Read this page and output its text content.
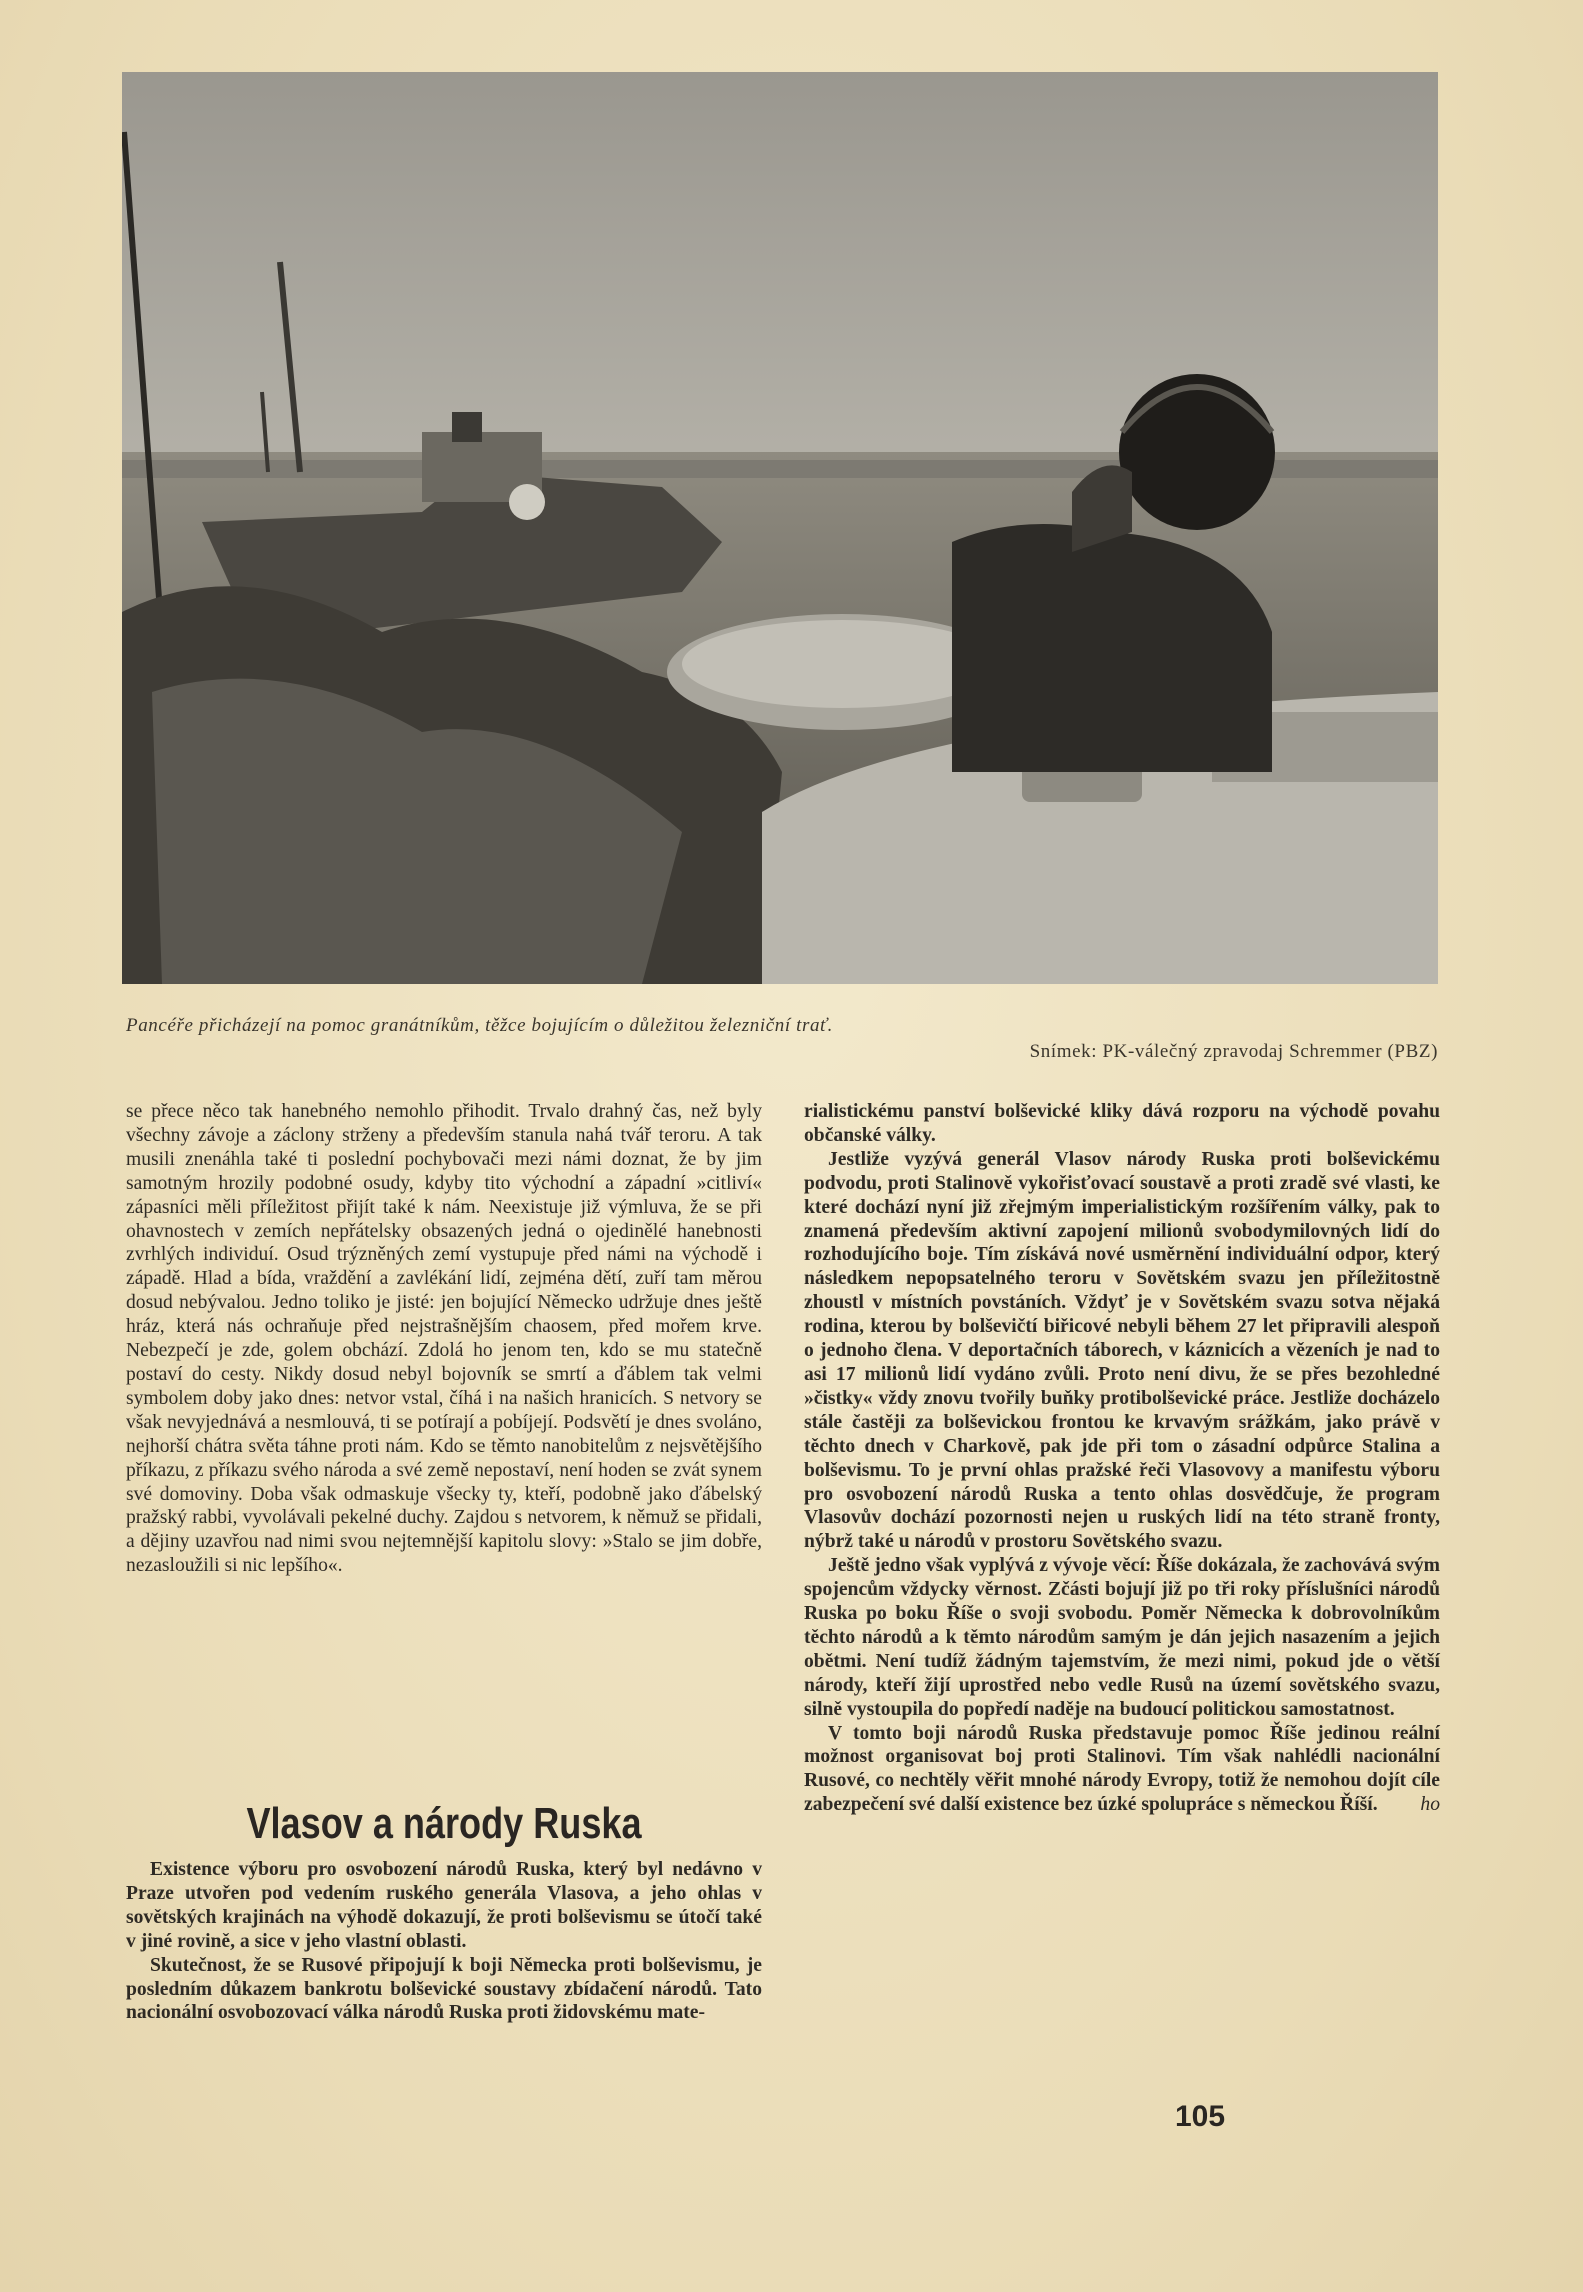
Pancéře přicházejí na pomoc granátníkům, těžce bojujícím o důležitou železniční trať.
Snímek: PK-válečný zpravodaj Schremmer (PBZ)

se přece něco tak hanebného nemohlo přihodit. Trvalo drahný čas, než byly všechny závoje a záclony strženy a především stanula nahá tvář teroru. A tak musili znenáhla také ti poslední pochybovači mezi námi doznat, že by jim samotným hrozily podobné osudy, kdyby tito východní a západní »citliví« zápasníci měli příležitost přijít také k nám. Neexistuje již výmluva, že se při ohavnostech v zemích nepřátelsky obsazených jedná o ojedinělé hanebnosti zvrhlých individuí. Osud trýzněných zemí vystupuje před námi na východě i západě. Hlad a bída, vraždění a zavlékání lidí, zejména dětí, zuří tam měrou dosud nebývalou. Jedno toliko je jisté: jen bojující Německo udržuje dnes ještě hráz, která nás ochraňuje před nejstrašnějším chaosem, před mořem krve. Nebezpečí je zde, golem obchází. Zdolá ho jenom ten, kdo se mu statečně postaví do cesty. Nikdy dosud nebyl bojovník se smrtí a ďáblem tak velmi symbolem doby jako dnes: netvor vstal, číhá i na našich hranicích. S netvory se však nevyjednává a nesmlouvá, ti se potírají a pobíjejí. Podsvětí je dnes svoláno, nejhorší chátra světa táhne proti nám. Kdo se těmto nanobitelům z nejsvětějšího příkazu, z příkazu svého národa a své země nepostaví, není hoden se zvát synem své domoviny. Doba však odmaskuje všecky ty, kteří, podobně jako ďábelský pražský rabbi, vyvolávali pekelné duchy. Zajdou s netvorem, k němuž se přidali, a dějiny uzavřou nad nimi svou nejtemnější kapitolu slovy: »Stalo se jim dobře, nezasloužili si nic lepšího«.

Vlasov a národy Ruska

Existence výboru pro osvobození národů Ruska, který byl nedávno v Praze utvořen pod vedením ruského generála Vlasova, a jeho ohlas v sovětských krajinách na výhodě dokazují, že proti bolševismu se útočí také v jiné rovině, a sice v jeho vlastní oblasti.

Skutečnost, že se Rusové připojují k boji Německa proti bolševismu, je posledním důkazem bankrotu bolševické soustavy zbídačení národů. Tato nacionální osvobozovací válka národů Ruska proti židovskému mate-

rialistickému panství bolševické kliky dává rozporu na východě povahu občanské války.

Jestliže vyzývá generál Vlasov národy Ruska proti bolševickému podvodu, proti Stalinově vykořisťovací soustavě a proti zradě své vlasti, ke které dochází nyní již zřejmým imperialistickým rozšířením války, pak to znamená především aktivní zapojení milionů svobodymilovných lidí do rozhodujícího boje. Tím získává nové usměrnění individuální odpor, který následkem nepopsatelného teroru v Sovětském svazu jen příležitostně zhoustl v místních povstáních. Vždyť je v Sovětském svazu sotva nějaká rodina, kterou by bolševičtí biřicové nebyli během 27 let připravili alespoň o jednoho člena. V deportačních táborech, v káznicích a vězeních je nad to asi 17 milionů lidí vydáno zvůli. Proto není divu, že se přes bezohledné »čistky« vždy znovu tvořily buňky protibolševické práce. Jestliže docházelo stále častěji za bolševickou frontou ke krvavým srážkám, jako právě v těchto dnech v Charkově, pak jde při tom o zásadní odpůrce Stalina a bolševismu. To je první ohlas pražské řeči Vlasovovy a manifestu výboru pro osvobození národů Ruska a tento ohlas dosvědčuje, že program Vlasovův dochází pozornosti nejen u ruských lidí na této straně fronty, nýbrž také u národů v prostoru Sovětského svazu.

Ještě jedno však vyplývá z vývoje věcí: Říše dokázala, že zachovává svým spojencům vždycky věrnost. Zčásti bojují již po tři roky příslušníci národů Ruska po boku Říše o svoji svobodu. Poměr Německa k dobrovolníkům těchto národů a k těmto národům samým je dán jejich nasazením a jejich obětmi. Není tudíž žádným tajemstvím, že mezi nimi, pokud jde o větší národy, kteří žijí uprostřed nebo vedle Rusů na území sovětského svazu, silně vystoupila do popředí naděje na budoucí politickou samostatnost.

V tomto boji národů Ruska představuje pomoc Říše jedinou reální možnost organisovat boj proti Stalinovi. Tím však nahlédli nacionální Rusové, co nechtěly věřit mnohé národy Evropy, totiž že nemohou dojít cíle zabezpečení své další existence bez úzké spolupráce s německou Říší.	ho

105
